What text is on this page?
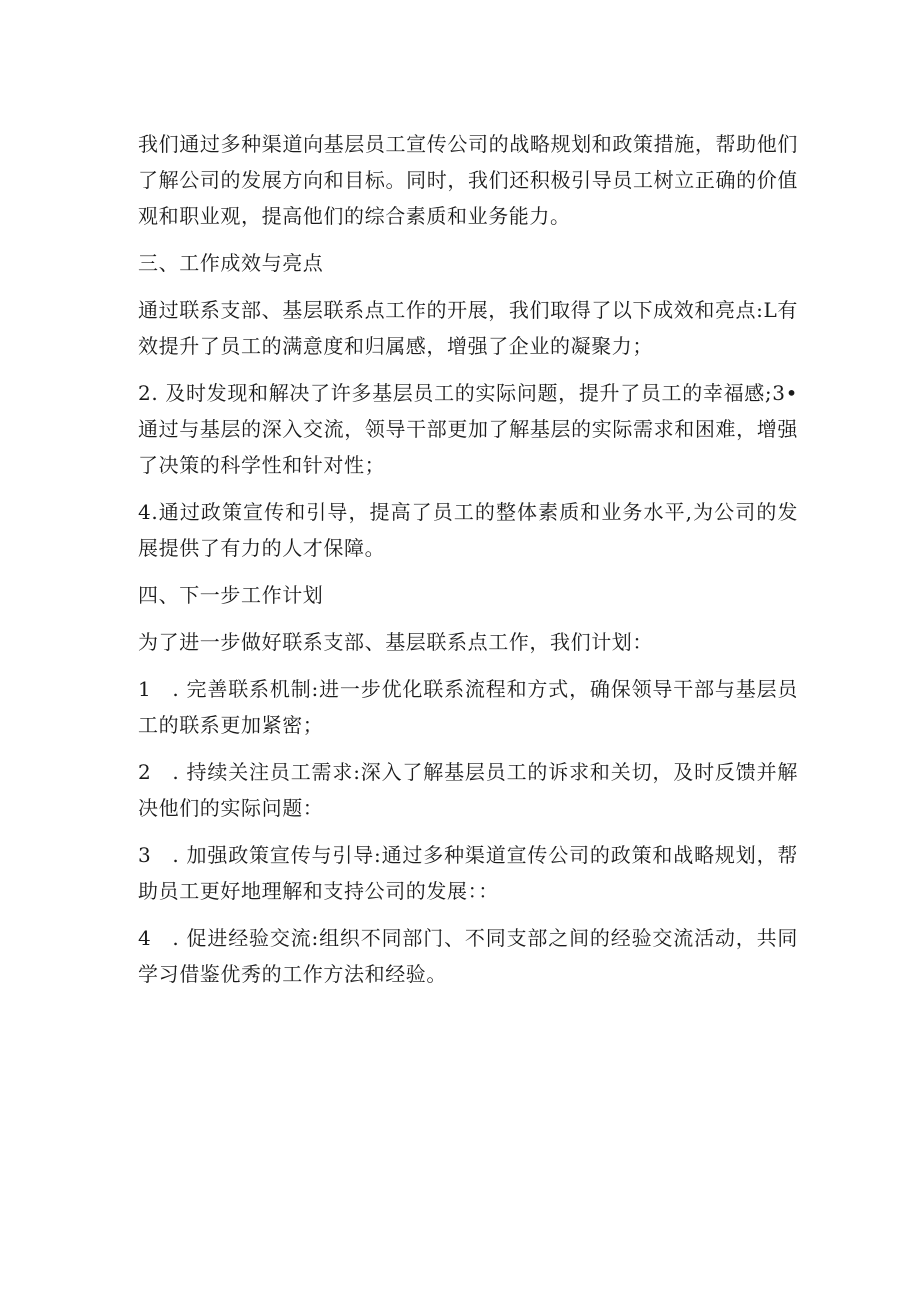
我们通过多种渠道向基层员工宣传公司的战略规划和政策措施，帮助他们了解公司的发展方向和目标。同时，我们还积极引导员工树立正确的价值观和职业观，提高他们的综合素质和业务能力。

三、工作成效与亮点

通过联系支部、基层联系点工作的开展，我们取得了以下成效和亮点:L有效提升了员工的满意度和归属感，增强了企业的凝聚力；

2. 及时发现和解决了许多基层员工的实际问题，提升了员工的幸福感;3•通过与基层的深入交流，领导干部更加了解基层的实际需求和困难，增强了决策的科学性和针对性；

4.通过政策宣传和引导，提高了员工的整体素质和业务水平,为公司的发展提供了有力的人才保障。

四、下一步工作计划

为了进一步做好联系支部、基层联系点工作，我们计划：

1　. 完善联系机制:进一步优化联系流程和方式，确保领导干部与基层员工的联系更加紧密；

2　. 持续关注员工需求:深入了解基层员工的诉求和关切，及时反馈并解决他们的实际问题：

3　. 加强政策宣传与引导:通过多种渠道宣传公司的政策和战略规划，帮助员工更好地理解和支持公司的发展：：

4　. 促进经验交流:组织不同部门、不同支部之间的经验交流活动，共同学习借鉴优秀的工作方法和经验。
